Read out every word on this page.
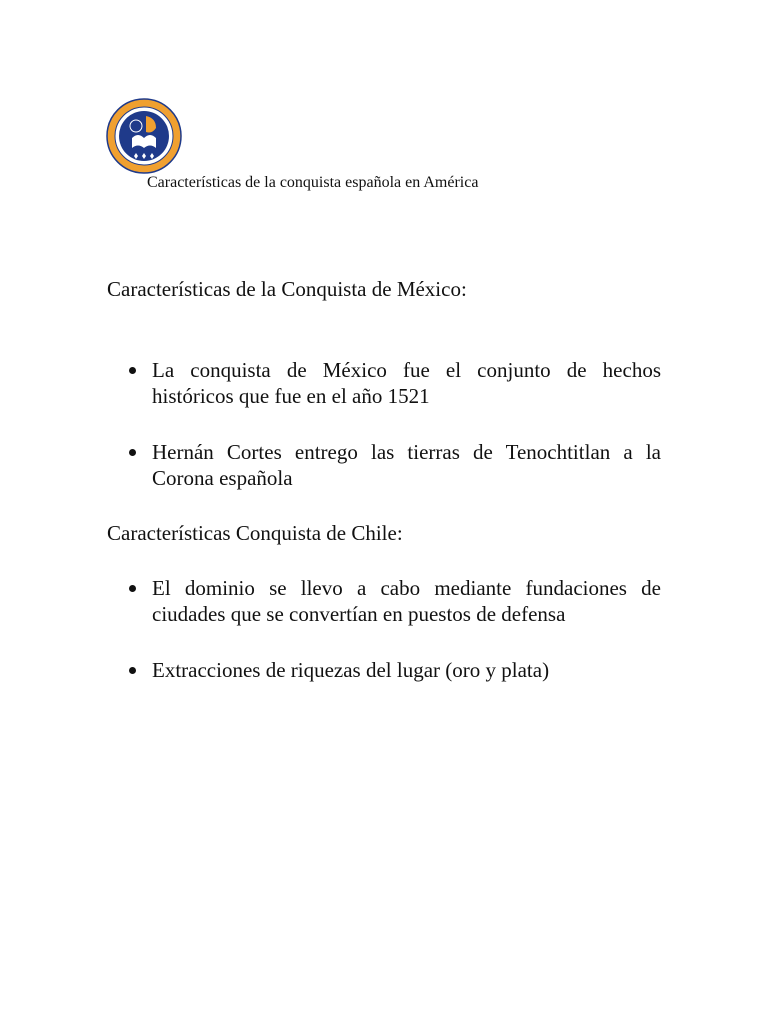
Características de la conquista española en América
Características de la Conquista de México:
La conquista de México fue el conjunto de hechos históricos que fue en el año 1521
Hernán Cortes entrego las tierras de Tenochtitlan a la Corona española
Características Conquista de Chile:
El dominio se llevo a cabo mediante fundaciones de ciudades que se convertían en puestos de defensa
Extracciones de riquezas del lugar (oro y plata)
